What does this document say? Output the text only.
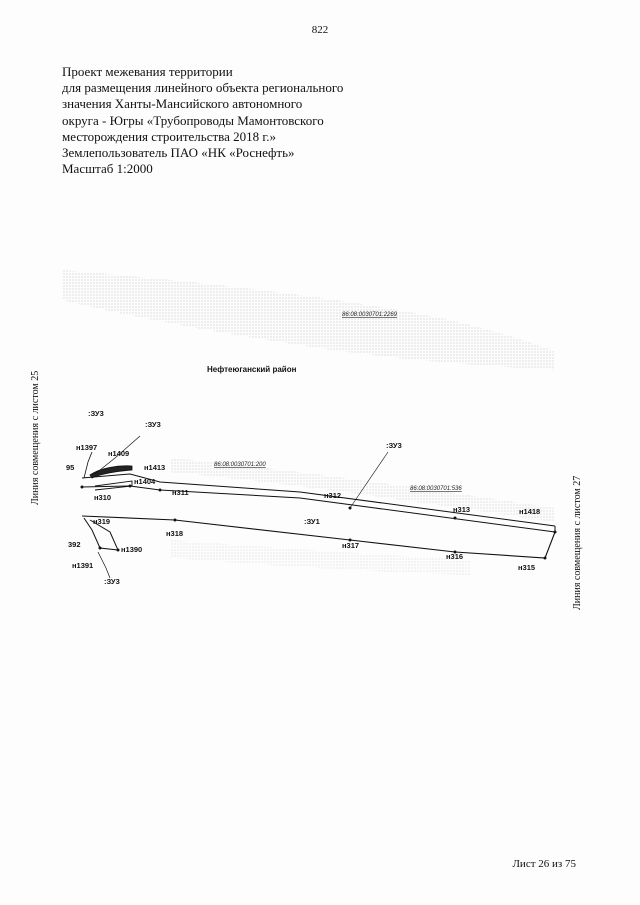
822
Проект межевания территории
для размещения линейного объекта регионального
значения Ханты-Мансийского автономного
округа - Югры «Трубопроводы Мамонтовского
месторождения строительства 2018 г.»
Землепользователь ПАО «НК «Роснефть»
Масштаб 1:2000
86:08:0030701:2269
86:08:0030701:200
86:08:0030701:536
Нефтеюганский район
:ЗУ3
:ЗУ3
:ЗУ3
:ЗУ3
:ЗУ1
н1397
н1409
н1413
н1404
н310
н311	н312
н313	н1418
95
н319
н318
392
н1390
н1391
н317
н316
н315
Линия совмещения с листом 25
Линия совмещения с листом 27
Лист 26 из 75
